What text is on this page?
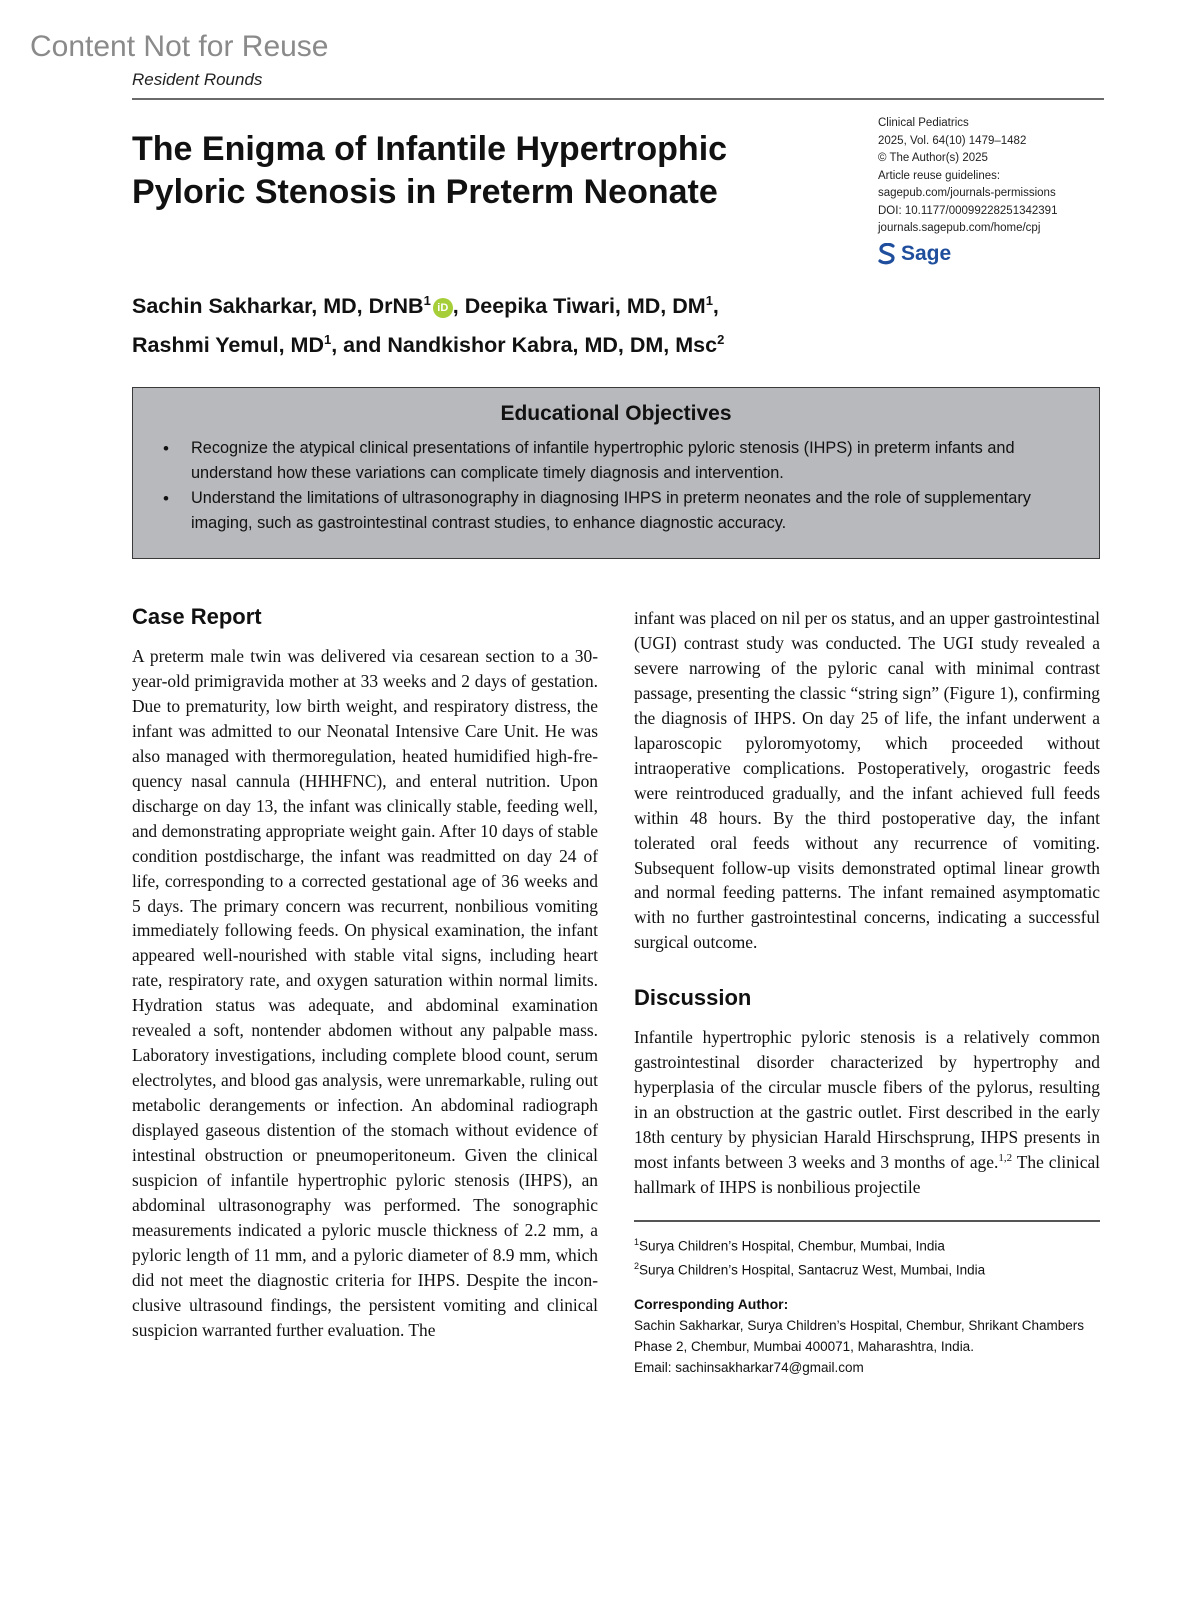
Content Not for Reuse
Resident Rounds
The Enigma of Infantile Hypertrophic Pyloric Stenosis in Preterm Neonate
Clinical Pediatrics
2025, Vol. 64(10) 1479–1482
© The Author(s) 2025
Article reuse guidelines:
sagepub.com/journals-permissions
DOI: 10.1177/00099228251342391
journals.sagepub.com/home/cpj
Sage
Sachin Sakharkar, MD, DrNB$^1$iD , Deepika Tiwari, MD, $DM^1$,
Rashmi Yemul, $MD^1$, and Nandkishor Kabra, MD, DM, Msc$^2$
Educational Objectives
• Recognize the atypical clinical presentations of infantile hypertrophic pyloric stenosis (IHPS) in preterm infants and understand how these variations can complicate timely diagnosis and intervention.
• Understand the limitations of ultrasonography in diagnosing IHPS in preterm neonates and the role of supplementary imaging, such as gastrointestinal contrast studies, to enhance diagnostic accuracy.
Case Report

A preterm male twin was delivered via cesarean section to a 30-year-old primigravida mother at 33 weeks and 2 days of gestation. Due to prematurity, low birth weight, and respiratory distress, the infant was admitted to our Neonatal Intensive Care Unit. He was also managed with thermoregulation, heated humidified high-frequency nasal cannula (HHHFNC), and enteral nutrition. Upon discharge on day 13, the infant was clinically stable, feeding well, and demonstrating appropriate weight gain. After 10 days of stable condition postdischarge, the infant was readmitted on day 24 of life, corresponding to a corrected gestational age of 36 weeks and 5 days. The primary concern was recurrent, nonbilious vomiting immediately following feeds. On physical examination, the infant appeared well-nourished with stable vital signs, including heart rate, respiratory rate, and oxygen saturation within normal limits. Hydration status was adequate, and abdominal examination revealed a soft, nontender abdomen without any palpable mass. Laboratory investigations, including complete blood count, serum electrolytes, and blood gas analysis, were unremarkable, ruling out metabolic derangements or infection. An abdominal radiograph displayed gaseous distention of the stomach without evidence of intestinal obstruction or pneumoperitoneum. Given the clinical suspicion of infantile hypertrophic pyloric stenosis (IHPS), an abdominal ultrasonography was performed. The sonographic measurements indicated a pyloric muscle thickness of 2.2 mm, a pyloric length of 11 mm, and a pyloric diameter of 8.9 mm, which did not meet the diagnostic criteria for IHPS. Despite the inconclusive ultrasound findings, the persistent vomiting and clinical suspicion warranted further evaluation. The

infant was placed on nil per os status, and an upper gastrointestinal (UGI) contrast study was conducted. The UGI study revealed a severe narrowing of the pyloric canal with minimal contrast passage, presenting the classic “string sign” (Figure 1), confirming the diagnosis of IHPS. On day 25 of life, the infant underwent a laparoscopic pyloromyotomy, which proceeded without intraoperative complications. Postoperatively, orogastric feeds were reintroduced gradually, and the infant achieved full feeds within 48 hours. By the third postoperative day, the infant tolerated oral feeds without any recurrence of vomiting. Subsequent follow-up visits demonstrated optimal linear growth and normal feeding patterns. The infant remained asymptomatic with no further gastrointestinal concerns, indicating a successful surgical outcome.

Discussion

Infantile hypertrophic pyloric stenosis is a relatively common gastrointestinal disorder characterized by hypertrophy and hyperplasia of the circular muscle fibers of the pylorus, resulting in an obstruction at the gastric outlet. First described in the early 18th century by physician Harald Hirschsprung, IHPS presents in most infants between 3 weeks and 3 months of age.$^{1,2}$ The clinical hallmark of IHPS is nonbilious projectile

$^1$Surya Children’s Hospital, Chembur, Mumbai, India
$^2$Surya Children’s Hospital, Santacruz West, Mumbai, India
Corresponding Author:
Sachin Sakharkar, Surya Children’s Hospital, Chembur, Shrikant Chambers Phase 2, Chembur, Mumbai 400071, Maharashtra, India.
Email: sachinsakharkar74@gmail.com
